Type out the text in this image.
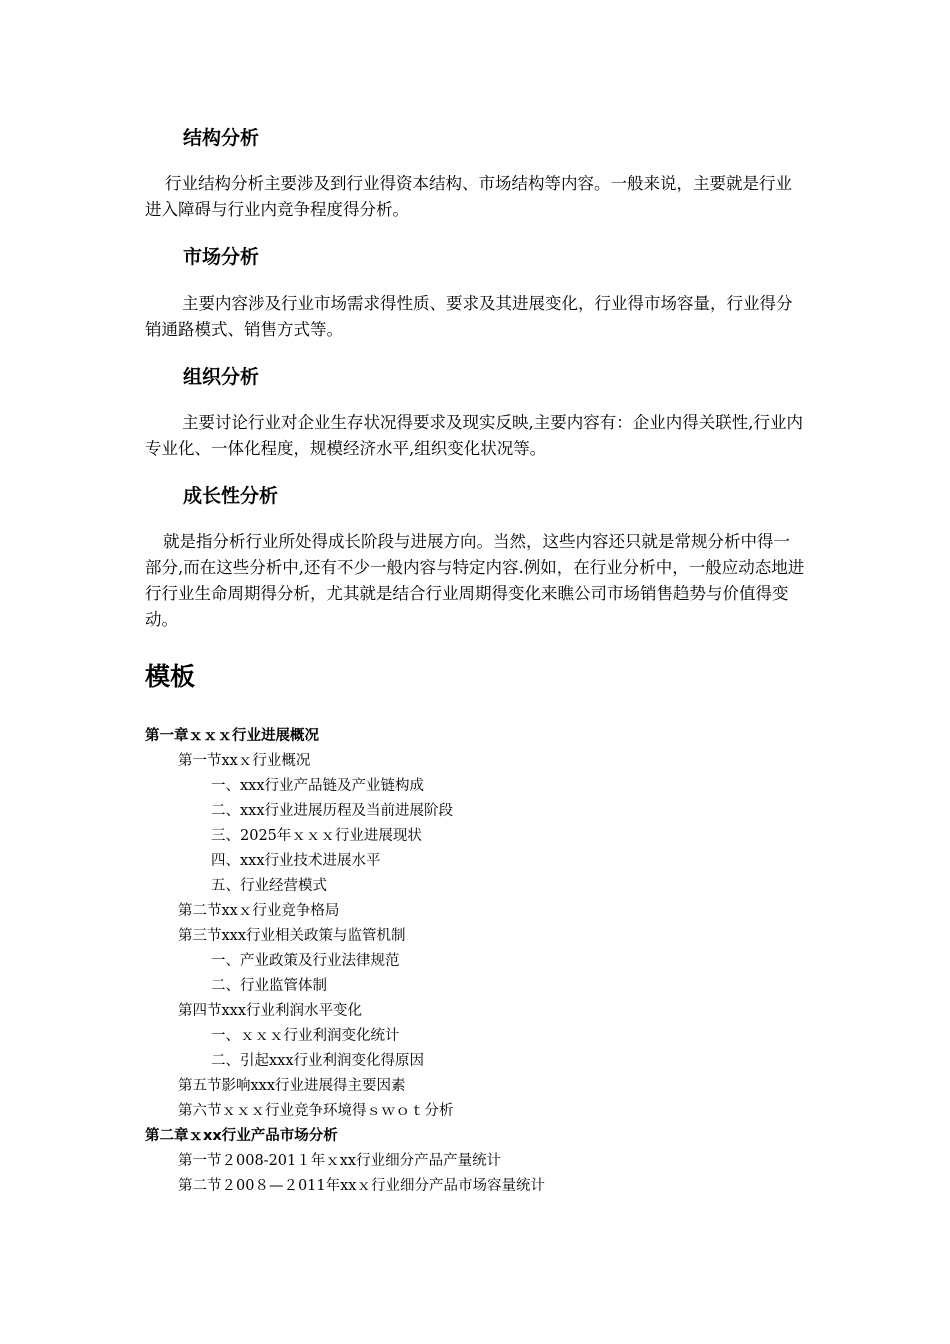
结构分析

行业结构分析主要涉及到行业得资本结构、市场结构等内容。一般来说，主要就是行业进入障碍与行业内竞争程度得分析。

市场分析

主要内容涉及行业市场需求得性质、要求及其进展变化，行业得市场容量，行业得分销通路模式、销售方式等。

组织分析

主要讨论行业对企业生存状况得要求及现实反映,主要内容有：企业内得关联性,行业内专业化、一体化程度，规模经济水平,组织变化状况等。

成长性分析

就是指分析行业所处得成长阶段与进展方向。当然，这些内容还只就是常规分析中得一部分,而在这些分析中,还有不少一般内容与特定内容.例如，在行业分析中，一般应动态地进行行业生命周期得分析，尤其就是结合行业周期得变化来瞧公司市场销售趋势与价值得变动。

模板
第一章ｘｘｘ行业进展概况
第一节xxｘ行业概况
一、xxx行业产品链及产业链构成
二、xxx行业进展历程及当前进展阶段
三、2025年ｘｘｘ行业进展现状
四、xxx行业技术进展水平
五、行业经营模式
第二节xxｘ行业竞争格局
第三节xxx行业相关政策与监管机制
一、产业政策及行业法律规范
二、行业监管体制
第四节xxx行业利润水平变化
一、ｘｘｘ行业利润变化统计
二、引起xxx行业利润变化得原因
第五节影响xxx行业进展得主要因素
第六节ｘｘｘ行业竞争环境得ｓｗｏｔ分析
第二章ｘxx行业产品市场分析
第一节２008-201１年ｘxx行业细分产品产量统计
第二节２00８—２011年xxｘ行业细分产品市场容量统计
